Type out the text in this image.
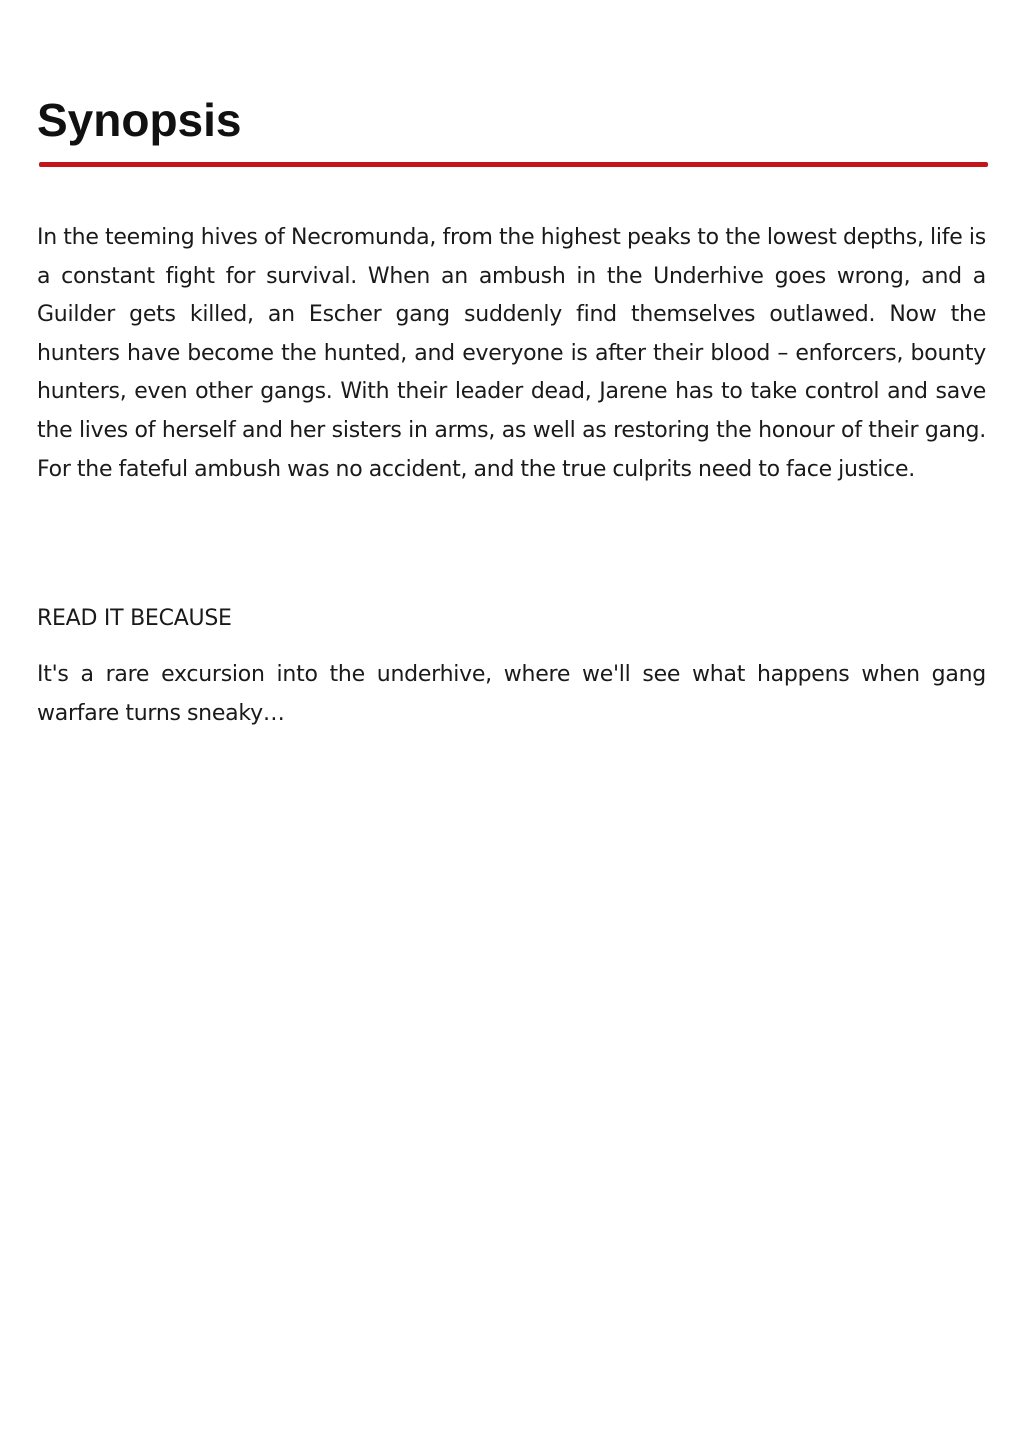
Synopsis

In the teeming hives of Necromunda, from the highest peaks to the lowest depths, life is a constant fight for survival. When an ambush in the Underhive goes wrong, and a Guilder gets killed, an Escher gang suddenly find themselves outlawed. Now the hunters have become the hunted, and everyone is after their blood – enforcers, bounty hunters, even other gangs. With their leader dead, Jarene has to take control and save the lives of herself and her sisters in arms, as well as restoring the honour of their gang. For the fateful ambush was no accident, and the true culprits need to face justice.

READ IT BECAUSE

It's a rare excursion into the underhive, where we'll see what happens when gang warfare turns sneaky…
